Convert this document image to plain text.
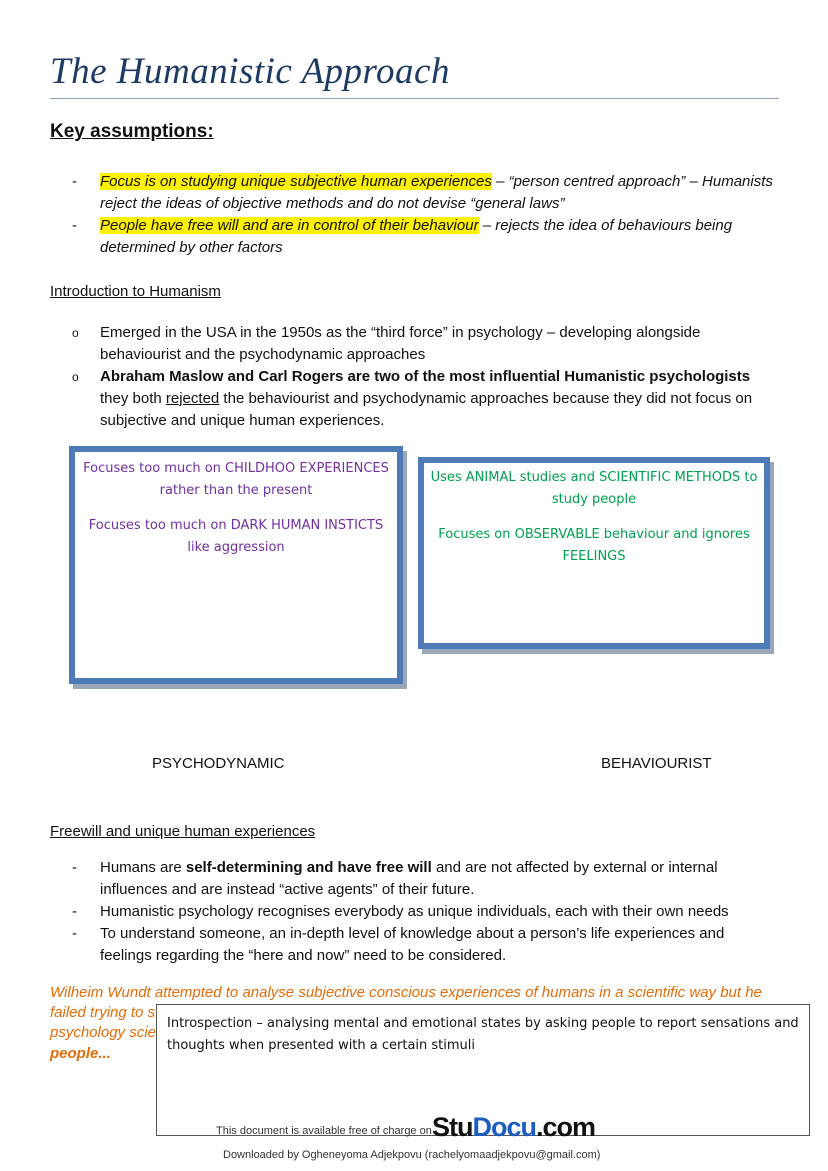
The Humanistic Approach
Key assumptions:
-	Focus is on studying unique subjective human experiences – “person centred approach” – Humanists reject the ideas of objective methods and do not devise “general laws”
-	People have free will and are in control of their behaviour – rejects the idea of behaviours being determined by other factors
Introduction to Humanism
o	Emerged in the USA in the 1950s as the “third force” in psychology – developing alongside behaviourist and the psychodynamic approaches
o	Abraham Maslow and Carl Rogers are two of the most influential Humanistic psychologists they both rejected the behaviourist and psychodynamic approaches because they did not focus on subjective and unique human experiences.
Focuses too much on CHILDHOO EXPERIENCES rather than the present
Focuses too much on DARK HUMAN INSTICTS like aggression
Uses ANIMAL studies and SCIENTIFIC METHODS to study people
Focuses on OBSERVABLE behaviour and ignores FEELINGS
PSYCHODYNAMIC	BEHAVIOURIST
Freewill and unique human experiences
-	Humans are self-determining and have free will and are not affected by external or internal influences and are instead “active agents” of their future.
-	Humanistic psychology recognises everybody as unique individuals, each with their own needs
-	To understand someone, an in-depth level of knowledge about a person’s life experiences and feelings regarding the “here and now” need to be considered.
Wilheim Wundt attempted to analyse subjective conscious experiences of humans in a scientific way but he
failed trying to s
psychology scie
people...
Introspection – analysing mental and emotional states by asking people to report sensations and thoughts when presented with a certain stimuli
This document is available free of charge on StuDocu.com
Downloaded by Ogheneyoma Adjekpovu (rachelyomaadjekpovu@gmail.com)
